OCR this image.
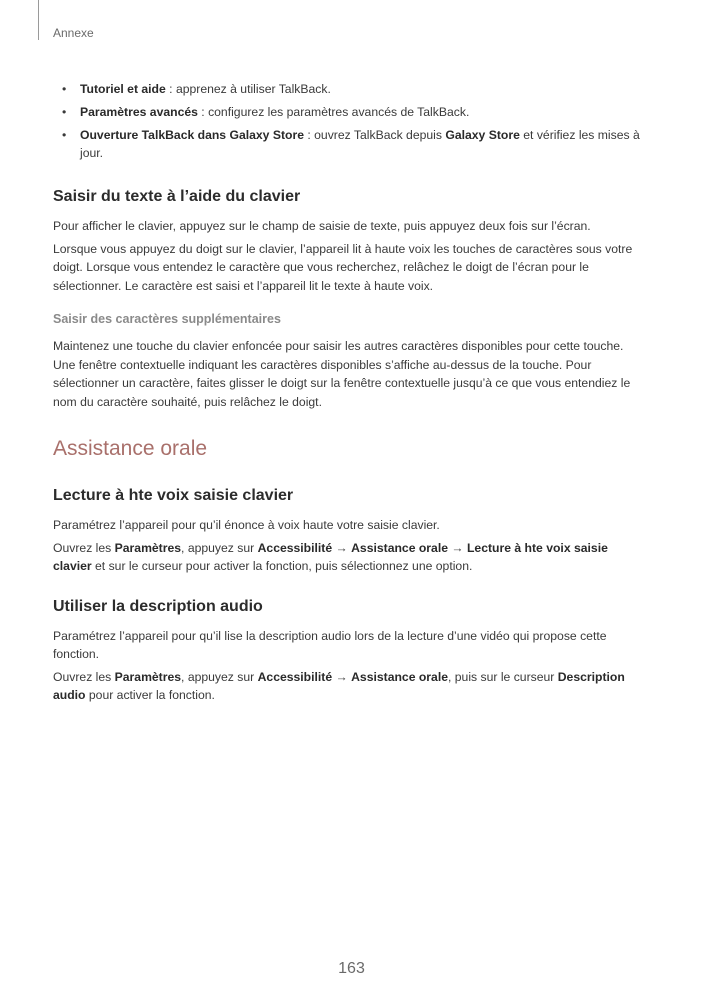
Annexe
• Tutoriel et aide : apprenez à utiliser TalkBack.
• Paramètres avancés : configurez les paramètres avancés de TalkBack.
• Ouverture TalkBack dans Galaxy Store : ouvrez TalkBack depuis Galaxy Store et vérifiez les mises à jour.
Saisir du texte à l’aide du clavier

Pour afficher le clavier, appuyez sur le champ de saisie de texte, puis appuyez deux fois sur l’écran.

Lorsque vous appuyez du doigt sur le clavier, l’appareil lit à haute voix les touches de caractères sous votre doigt. Lorsque vous entendez le caractère que vous recherchez, relâchez le doigt de l’écran pour le sélectionner. Le caractère est saisi et l’appareil lit le texte à haute voix.

Saisir des caractères supplémentaires

Maintenez une touche du clavier enfoncée pour saisir les autres caractères disponibles pour cette touche. Une fenêtre contextuelle indiquant les caractères disponibles s’affiche au-dessus de la touche. Pour sélectionner un caractère, faites glisser le doigt sur la fenêtre contextuelle jusqu’à ce que vous entendiez le nom du caractère souhaité, puis relâchez le doigt.

Assistance orale
Lecture à hte voix saisie clavier

Paramétrez l’appareil pour qu’il énonce à voix haute votre saisie clavier.

Ouvrez les Paramètres, appuyez sur Accessibilité → Assistance orale → Lecture à hte voix saisie clavier et sur le curseur pour activer la fonction, puis sélectionnez une option.

Utiliser la description audio

Paramétrez l’appareil pour qu’il lise la description audio lors de la lecture d’une vidéo qui propose cette fonction.

Ouvrez les Paramètres, appuyez sur Accessibilité → Assistance orale, puis sur le curseur Description audio pour activer la fonction.

163
